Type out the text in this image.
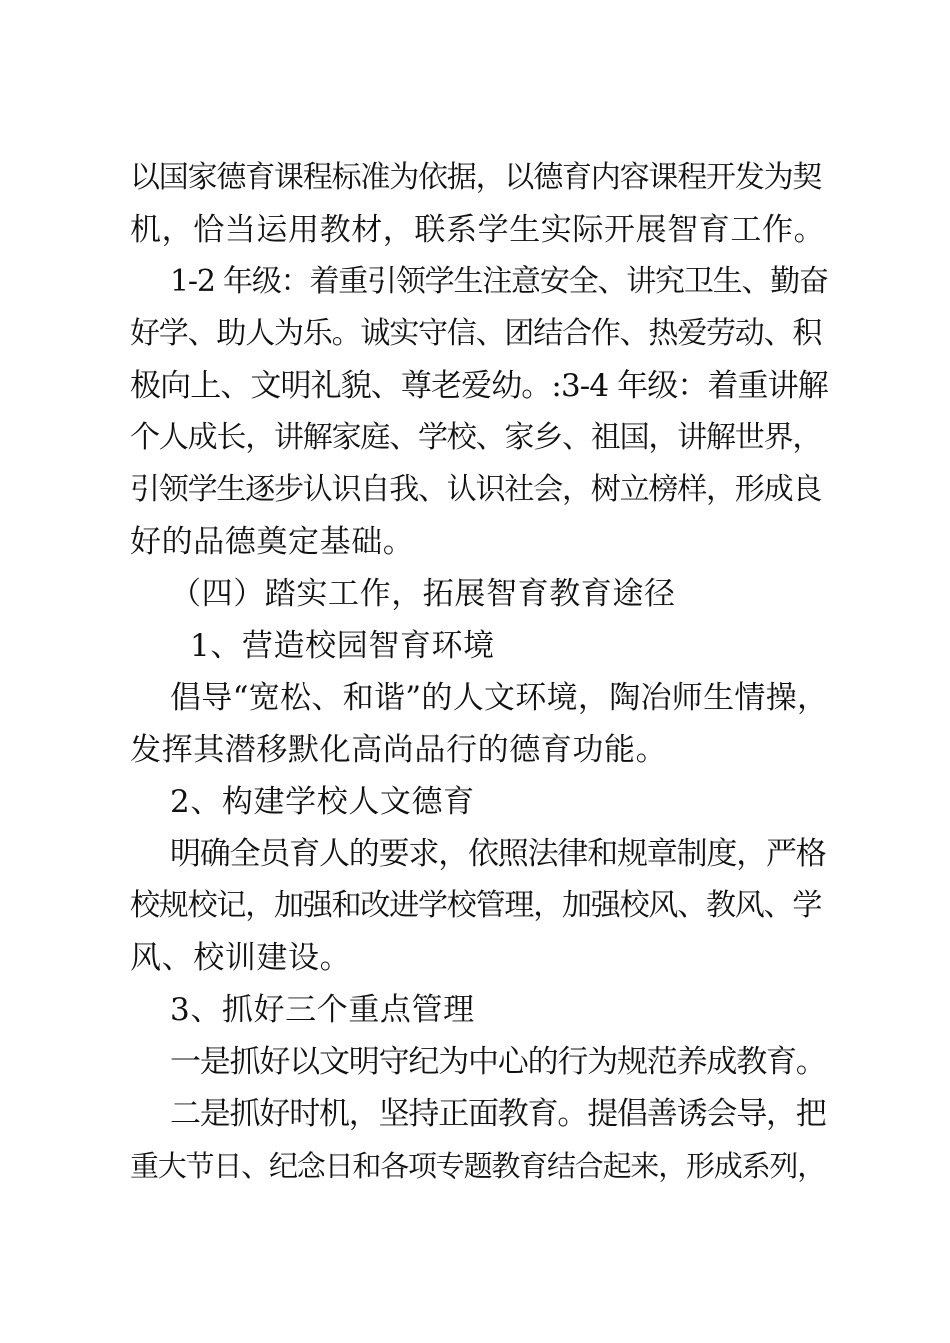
以国家德育课程标准为依据，以德育内容课程开发为契
机，恰当运用教材，联系学生实际开展智育工作。
1-2 年级：着重引领学生注意安全、讲究卫生、勤奋
好学、助人为乐。诚实守信、团结合作、热爱劳动、积
极向上、文明礼貌、尊老爱幼。:3-4 年级：着重讲解
个人成长，讲解家庭、学校、家乡、祖国，讲解世界，
引领学生逐步认识自我、认识社会，树立榜样，形成良
好的品德奠定基础。
（四）踏实工作，拓展智育教育途径
1、营造校园智育环境
倡导“宽松、和谐”的人文环境，陶冶师生情操，
发挥其潜移默化高尚品行的德育功能。
2、构建学校人文德育
明确全员育人的要求，依照法律和规章制度，严格
校规校记，加强和改进学校管理，加强校风、教风、学
风、校训建设。
3、抓好三个重点管理
一是抓好以文明守纪为中心的行为规范养成教育。
二是抓好时机，坚持正面教育。提倡善诱会导，把
重大节日、纪念日和各项专题教育结合起来，形成系列，
